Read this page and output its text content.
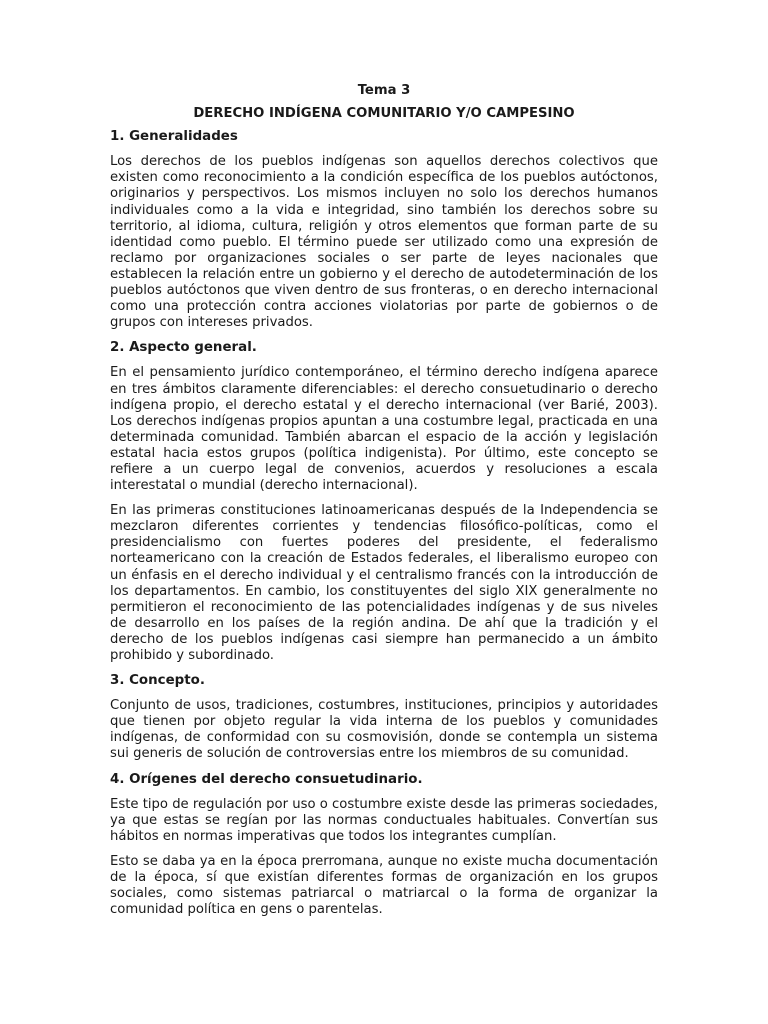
Tema 3
DERECHO INDÍGENA COMUNITARIO Y/O CAMPESINO
1. Generalidades

Los derechos de los pueblos indígenas son aquellos derechos colectivos que existen como reconocimiento a la condición específica de los pueblos autóctonos, originarios y perspectivos. Los mismos incluyen no solo los derechos humanos individuales como a la vida e integridad, sino también los derechos sobre su territorio, al idioma, cultura, religión y otros elementos que forman parte de su identidad como pueblo. El término puede ser utilizado como una expresión de reclamo por organizaciones sociales o ser parte de leyes nacionales que establecen la relación entre un gobierno y el derecho de autodeterminación de los pueblos autóctonos que viven dentro de sus fronteras, o en derecho internacional como una protección contra acciones violatorias por parte de gobiernos o de grupos con intereses privados.

2. Aspecto general.

En el pensamiento jurídico contemporáneo, el término derecho indígena aparece en tres ámbitos claramente diferenciables: el derecho consuetudinario o derecho indígena propio, el derecho estatal y el derecho internacional (ver Barié, 2003). Los derechos indígenas propios apuntan a una costumbre legal, practicada en una determinada comunidad. También abarcan el espacio de la acción y legislación estatal hacia estos grupos (política indigenista). Por último, este concepto se refiere a un cuerpo legal de convenios, acuerdos y resoluciones a escala interestatal o mundial (derecho internacional).

En las primeras constituciones latinoamericanas después de la Independencia se mezclaron diferentes corrientes y tendencias filosófico-políticas, como el presidencialismo con fuertes poderes del presidente, el federalismo norteamericano con la creación de Estados federales, el liberalismo europeo con un énfasis en el derecho individual y el centralismo francés con la introducción de los departamentos. En cambio, los constituyentes del siglo XIX generalmente no permitieron el reconocimiento de las potencialidades indígenas y de sus niveles de desarrollo en los países de la región andina. De ahí que la tradición y el derecho de los pueblos indígenas casi siempre han permanecido a un ámbito prohibido y subordinado.

3. Concepto.

Conjunto de usos, tradiciones, costumbres, instituciones, principios y autoridades que tienen por objeto regular la vida interna de los pueblos y comunidades indígenas, de conformidad con su cosmovisión, donde se contempla un sistema sui generis de solución de controversias entre los miembros de su comunidad.

4. Orígenes del derecho consuetudinario.

Este tipo de regulación por uso o costumbre existe desde las primeras sociedades, ya que estas se regían por las normas conductuales habituales. Convertían sus hábitos en normas imperativas que todos los integrantes cumplían.

Esto se daba ya en la época prerromana, aunque no existe mucha documentación de la época, sí que existían diferentes formas de organización en los grupos sociales, como sistemas patriarcal o matriarcal o la forma de organizar la comunidad política en gens o parentelas.
